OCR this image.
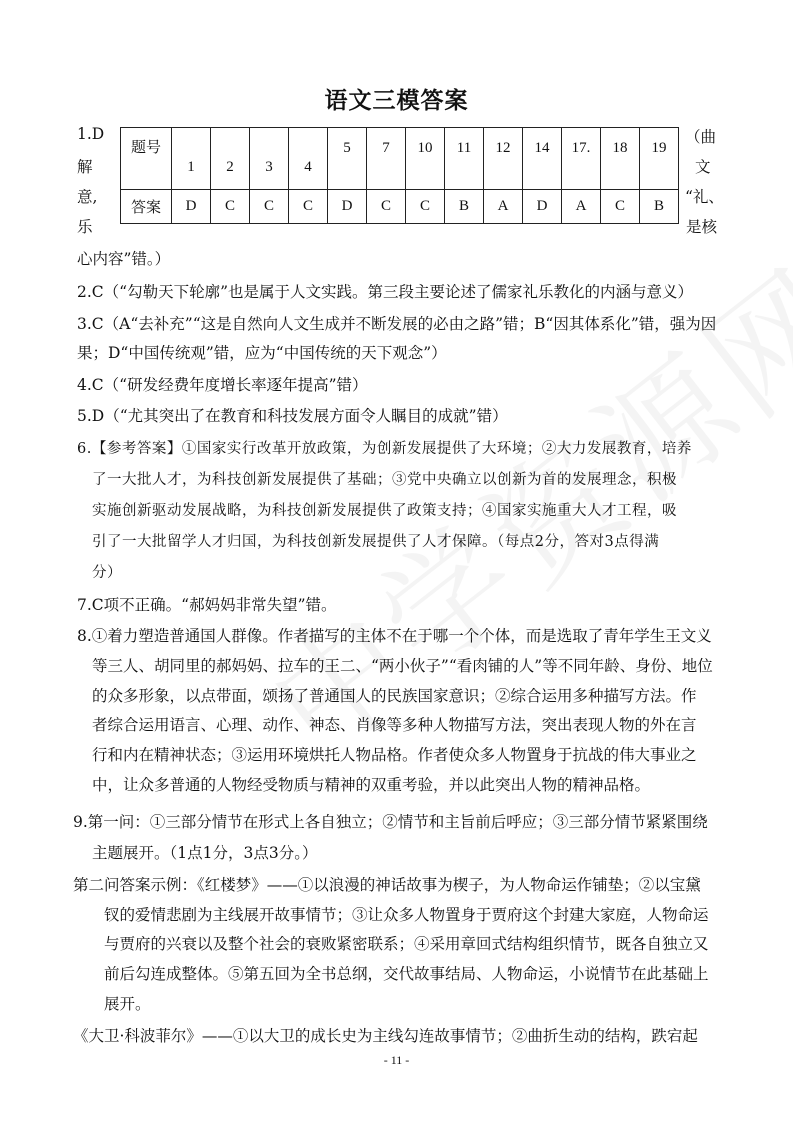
语文三模答案
1.D
解
意,
乐
（曲
文
“礼、
是核
题号	1	2	3	4	5	7	10	11	12	14	17.	18	19

答案	D	C	C	C	D	C	C	B	A	D	A	C	B
心内容”错。）
2.C（“勾勒天下轮廓”也是属于人文实践。第三段主要论述了儒家礼乐教化的内涵与意义）
3.C（A“去补充”“这是自然向人文生成并不断发展的必由之路”错；B“因其体系化”错，强为因
果；D“中国传统观”错，应为“中国传统的天下观念”）
4.C（“研发经费年度增长率逐年提高”错）
5.D（“尤其突出了在教育和科技发展方面令人瞩目的成就”错）
6.【参考答案】①国家实行改革开放政策，为创新发展提供了大环境；②大力发展教育，培养
了一大批人才，为科技创新发展提供了基础；③党中央确立以创新为首的发展理念，积极
实施创新驱动发展战略，为科技创新发展提供了政策支持；④国家实施重大人才工程，吸
引了一大批留学人才归国，为科技创新发展提供了人才保障。（每点2分，答对3点得满
分）
7.C项不正确。“郝妈妈非常失望”错。
8.①着力塑造普通国人群像。作者描写的主体不在于哪一个个体，而是选取了青年学生王文义
等三人、胡同里的郝妈妈、拉车的王二、“两小伙子”“看肉铺的人”等不同年龄、身份、地位
的众多形象，以点带面，颂扬了普通国人的民族国家意识；②综合运用多种描写方法。作
者综合运用语言、心理、动作、神态、肖像等多种人物描写方法，突出表现人物的外在言
行和内在精神状态；③运用环境烘托人物品格。作者使众多人物置身于抗战的伟大事业之
中，让众多普通的人物经受物质与精神的双重考验，并以此突出人物的精神品格。
9.第一问：①三部分情节在形式上各自独立；②情节和主旨前后呼应；③三部分情节紧紧围绕
主题展开。（1点1分，3点3分。）
第二问答案示例：《红楼梦》——①以浪漫的神话故事为楔子，为人物命运作铺垫；②以宝黛
钗的爱情悲剧为主线展开故事情节；③让众多人物置身于贾府这个封建大家庭，人物命运
与贾府的兴衰以及整个社会的衰败紧密联系；④采用章回式结构组织情节，既各自独立又
前后勾连成整体。⑤第五回为全书总纲，交代故事结局、人物命运，小说情节在此基础上
展开。
《大卫·科波菲尔》——①以大卫的成长史为主线勾连故事情节；②曲折生动的结构，跌宕起
- 11 -
